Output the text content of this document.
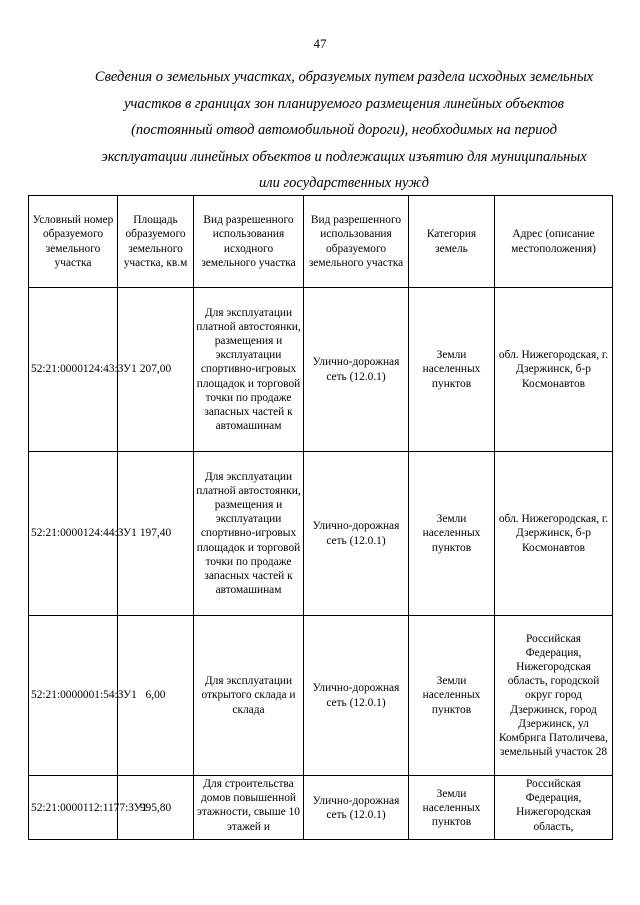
47
Сведения о земельных участках, образуемых путем раздела исходных земельных
участков в границах зон планируемого размещения линейных объектов
(постоянный отвод автомобильной дороги), необходимых на период
эксплуатации линейных объектов и подлежащих изъятию для муниципальных
или государственных нужд
Условный номер образуемого земельного участка	Площадь образуемого земельного участка, кв.м	Вид разрешенного использования исходного земельного участка	Вид разрешенного использования образуемого земельного участка	Категория земель	Адрес (описание местоположения)
52:21:0000124:43:ЗУ1	207,00	Для эксплуатации платной автостоянки, размещения и эксплуатации спортивно-игровых площадок и торговой точки по продаже запасных частей к автомашинам	Улично-дорожная сеть (12.0.1)	Земли населенных пунктов	обл. Нижегородская, г. Дзержинск, б-р Космонавтов
52:21:0000124:44:ЗУ1	197,40	Для эксплуатации платной автостоянки, размещения и эксплуатации спортивно-игровых площадок и торговой точки по продаже запасных частей к автомашинам	Улично-дорожная сеть (12.0.1)	Земли населенных пунктов	обл. Нижегородская, г. Дзержинск, б-р Космонавтов
52:21:0000001:54:ЗУ1	6,00	Для эксплуатации открытого склада и склада	Улично-дорожная сеть (12.0.1)	Земли населенных пунктов	Российская Федерация, Нижегородская область, городской округ город Дзержинск, город Дзержинск, ул Комбрига Патоличева, земельный участок 28
52:21:0000112:1177:ЗУ1	995,80	Для строительства домов повышенной этажности, свыше 10 этажей и	Улично-дорожная сеть (12.0.1)	Земли населенных пунктов	Российская Федерация, Нижегородская область,
